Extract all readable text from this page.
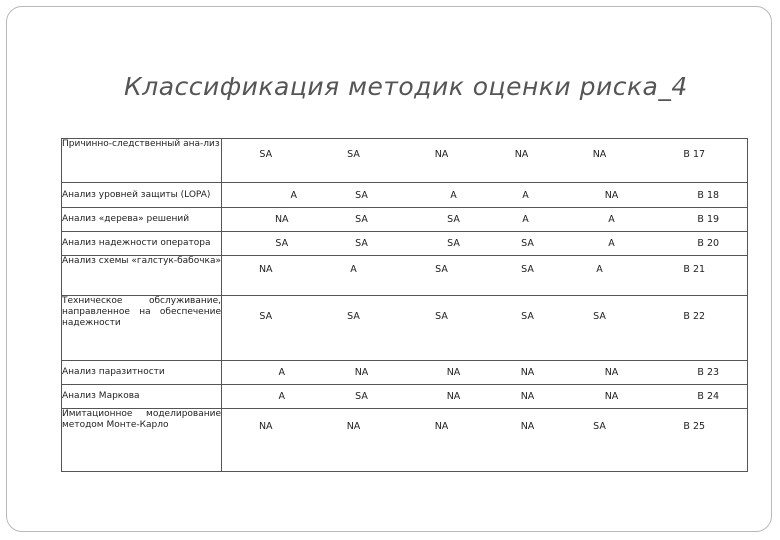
Классификация методик оценки риска_4
Причинно-следственный ана-лиз	SA	SA	NA	NA	NA	B 17
Анализ уровней защиты (LOPA)	A	SA	A	A	NA	B 18
Анализ «дерева» решений	NA	SA	SA	A	A	B 19
Анализ надежности оператора	SA	SA	SA	SA	A	B 20
Анализ схемы «галстук-бабочка»	NA	A	SA	SA	A	B 21
Техническое обслуживание, направленное на обеспечение надежности	SA	SA	SA	SA	SA	B 22
Анализ паразитности	A	NA	NA	NA	NA	B 23
Анализ Маркова	A	SA	NA	NA	NA	B 24
Имитационное моделирование методом Монте-Карло	NA	NA	NA	NA	SA	B 25
